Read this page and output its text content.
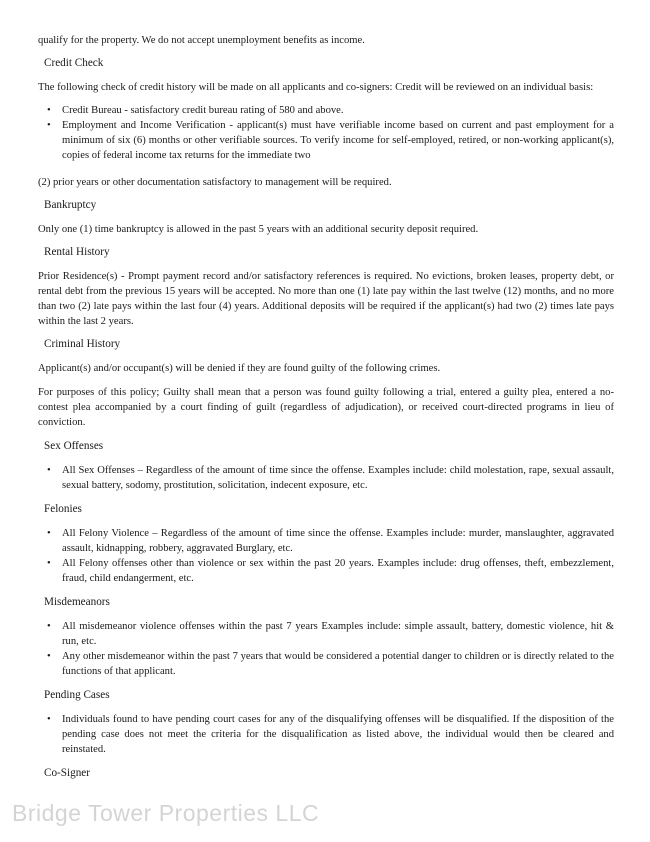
qualify for the property. We do not accept unemployment benefits as income.

Credit Check

The following check of credit history will be made on all applicants and co-signers: Credit will be reviewed on an individual basis:

• Credit Bureau - satisfactory credit bureau rating of 580 and above.
• Employment and Income Verification - applicant(s) must have verifiable income based on current and past employment for a minimum of six (6) months or other verifiable sources. To verify income for self-employed, retired, or non-working applicant(s), copies of federal income tax returns for the immediate two

(2) prior years or other documentation satisfactory to management will be required.

Bankruptcy

Only one (1) time bankruptcy is allowed in the past 5 years with an additional security deposit required.

Rental History

Prior Residence(s) - Prompt payment record and/or satisfactory references is required. No evictions, broken leases, property debt, or rental debt from the previous 15 years will be accepted. No more than one (1) late pay within the last twelve (12) months, and no more than two (2) late pays within the last four (4) years. Additional deposits will be required if the applicant(s) had two (2) times late pays within the last 2 years.

Criminal History

Applicant(s) and/or occupant(s) will be denied if they are found guilty of the following crimes.

For purposes of this policy; Guilty shall mean that a person was found guilty following a trial, entered a guilty plea, entered a no-contest plea accompanied by a court finding of guilt (regardless of adjudication), or received court-directed programs in lieu of conviction.

Sex Offenses

• All Sex Offenses – Regardless of the amount of time since the offense. Examples include: child molestation, rape, sexual assault, sexual battery, sodomy, prostitution, solicitation, indecent exposure, etc.

Felonies

• All Felony Violence – Regardless of the amount of time since the offense. Examples include: murder, manslaughter, aggravated assault, kidnapping, robbery, aggravated Burglary, etc.
• All Felony offenses other than violence or sex within the past 20 years. Examples include: drug offenses, theft, embezzlement, fraud, child endangerment, etc.

Misdemeanors

• All misdemeanor violence offenses within the past 7 years Examples include: simple assault, battery, domestic violence, hit & run, etc.
• Any other misdemeanor within the past 7 years that would be considered a potential danger to children or is directly related to the functions of that applicant.

Pending Cases

• Individuals found to have pending court cases for any of the disqualifying offenses will be disqualified. If the disposition of the pending case does not meet the criteria for the disqualification as listed above, the individual would then be cleared and reinstated.

Co-Signer

Bridge Tower Properties LLC
